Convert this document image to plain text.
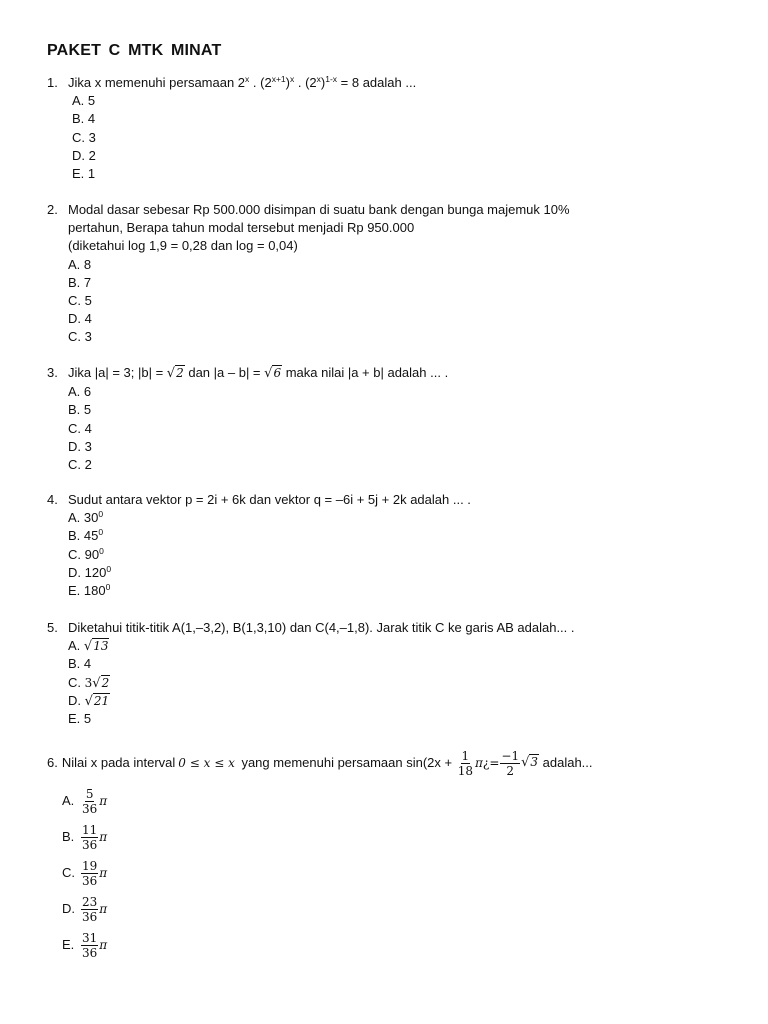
PAKET C MTK MINAT
1. Jika x memenuhi persamaan 2$^x$ . $(2^{x+1})^x$ . $(2^x)^{1-x} = 8$ adalah ...
A. 5
B. 4
C. 3
D. 2
E. 1
2. Modal dasar sebesar Rp 500.000 disimpan di suatu bank dengan bunga majemuk 10%
pertahun, Berapa tahun modal tersebut menjadi Rp 950.000
(diketahui log 1,9 = 0,28 dan log = 0,04)
A. 8
B. 7
C. 5
D. 4
C. 3
3. Jika |a| = 3; |b| = √2 dan |a – b| = √6 maka nilai |a + b| adalah ... .
A. 6
B. 5
C. 4
D. 3
C. 2
4. Sudut antara vektor p = 2i + 6k dan vektor q = –6i + 5j + 2k adalah ... .
A. $30^0$
B. $45^0$
C. $90^0$
D. $120^0$
E. $180^0$
5. Diketahui titik-titik A(1,–3,2), B(1,3,10) dan C(4,–1,8). Jarak titik C ke garis AB adalah... .
A. √13
B. 4
C. 3√2
D. √21
E. 5
6. Nilai x pada interval 0 ≤ x ≤ x yang memenuhi persamaan $\sin(2x + \frac{1}{18}$ π ¿= $\frac{-1}{2} √3$ adalah...
A. $\frac{5}{36}$ π
B. $\frac{11}{36}$ π
C. $\frac{19}{36}$ π
D. $\frac{23}{36}$ π
E. $\frac{31}{36}$ π
